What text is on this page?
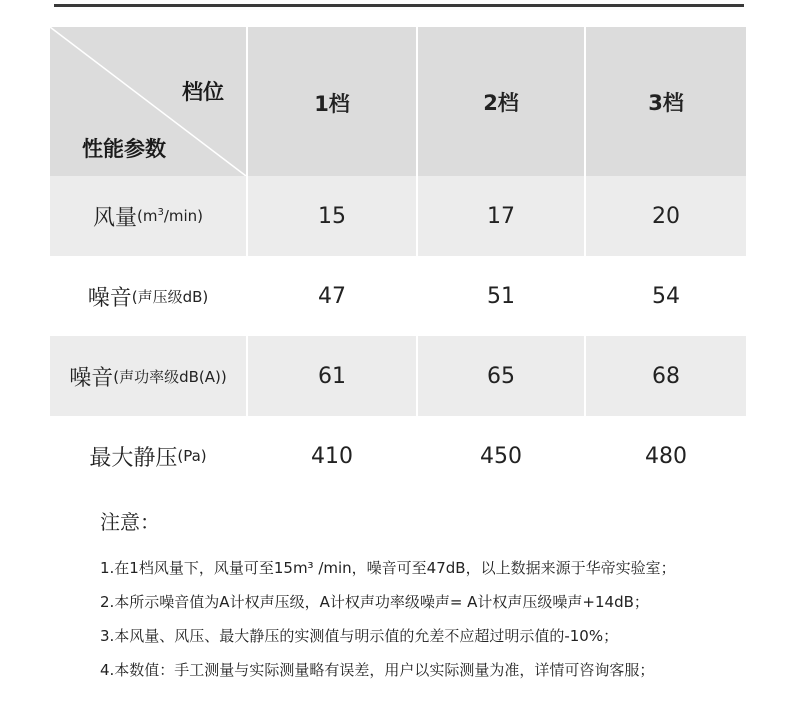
档位
性能参数
1档	2档	3档
风量 $(m^3/\min)$	15	17	20
噪音 (声压级dB)	47	51	54
噪音 (声功率级dB(A))	61	65	68
最大静压 (Pa)	410	450	480
注意：
1.在1档风量下，风量可至15m³ /min，噪音可至47dB，以上数据来源于华帝实验室；
2.本所示噪音值为A计权声压级，A计权声功率级噪声= A计权声压级噪声+14dB；
3.本风量、风压、最大静压的实测值与明示值的允差不应超过明示值的-10%；
4.本数值：手工测量与实际测量略有误差，用户以实际测量为准，详情可咨询客服；
